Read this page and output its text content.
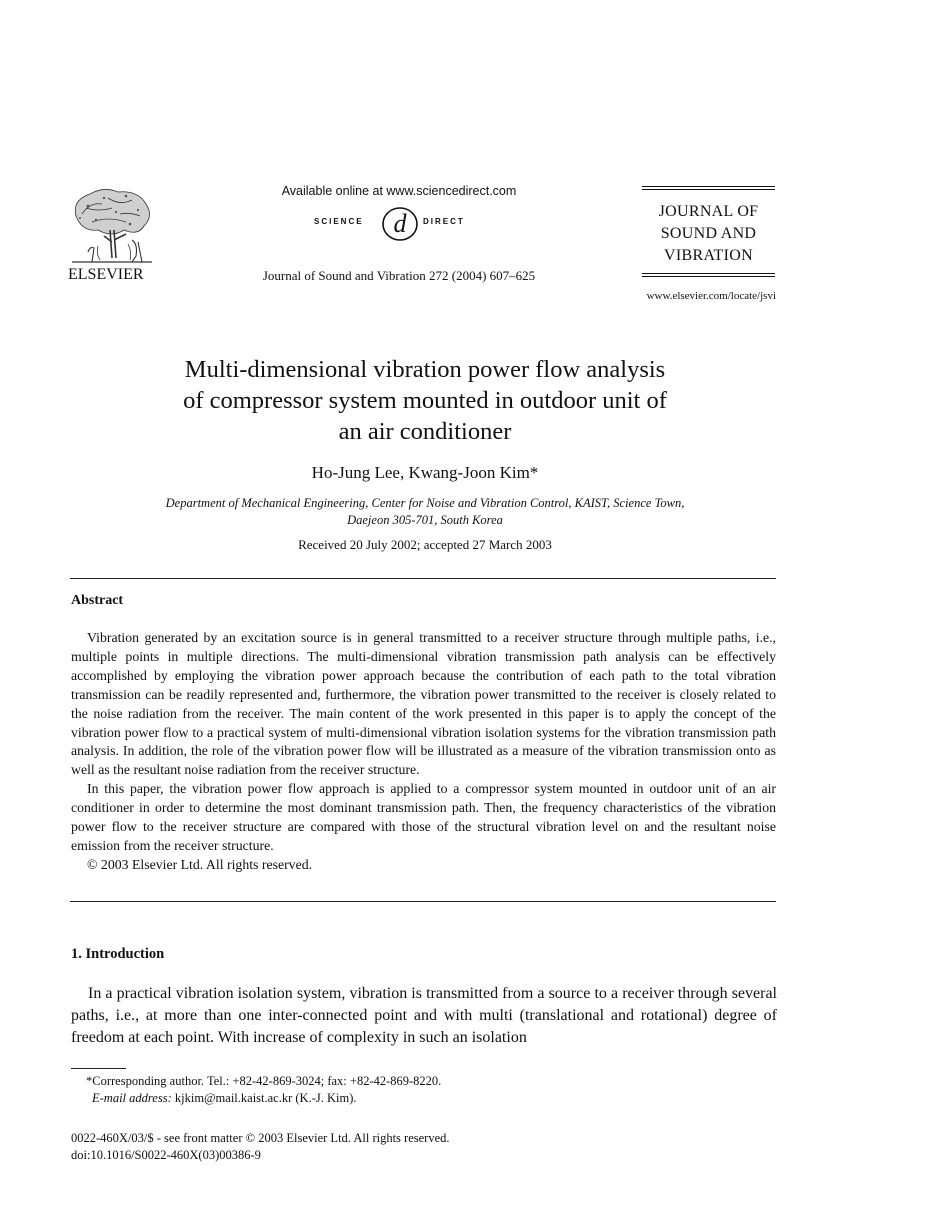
ELSEVIER
Available online at www.sciencedirect.com
SCIENCE d DIRECT
Journal of Sound and Vibration 272 (2004) 607–625
JOURNAL OF
SOUND AND
VIBRATION
www.elsevier.com/locate/jsvi
Multi-dimensional vibration power flow analysis
of compressor system mounted in outdoor unit of
an air conditioner
Ho-Jung Lee, Kwang-Joon Kim*
Department of Mechanical Engineering, Center for Noise and Vibration Control, KAIST, Science Town,
Daejeon 305-701, South Korea
Received 20 July 2002; accepted 27 March 2003
Abstract

Vibration generated by an excitation source is in general transmitted to a receiver structure through multiple paths, i.e., multiple points in multiple directions. The multi-dimensional vibration transmission path analysis can be effectively accomplished by employing the vibration power approach because the contribution of each path to the total vibration transmission can be readily represented and, furthermore, the vibration power transmitted to the receiver is closely related to the noise radiation from the receiver. The main content of the work presented in this paper is to apply the concept of the vibration power flow to a practical system of multi-dimensional vibration isolation systems for the vibration transmission path analysis. In addition, the role of the vibration power flow will be illustrated as a measure of the vibration transmission onto as well as the resultant noise radiation from the receiver structure.

In this paper, the vibration power flow approach is applied to a compressor system mounted in outdoor unit of an air conditioner in order to determine the most dominant transmission path. Then, the frequency characteristics of the vibration power flow to the receiver structure are compared with those of the structural vibration level on and the resultant noise emission from the receiver structure.

© 2003 Elsevier Ltd. All rights reserved.

1. Introduction
In a practical vibration isolation system, vibration is transmitted from a source to a receiver through several paths, i.e., at more than one inter-connected point and with multi (translational and rotational) degree of freedom at each point. With increase of complexity in such an isolation
*Corresponding author. Tel.: +82-42-869-3024; fax: +82-42-869-8220.
E-mail address: kjkim@mail.kaist.ac.kr (K.-J. Kim).
0022-460X/03/$ - see front matter © 2003 Elsevier Ltd. All rights reserved.
doi:10.1016/S0022-460X(03)00386-9
